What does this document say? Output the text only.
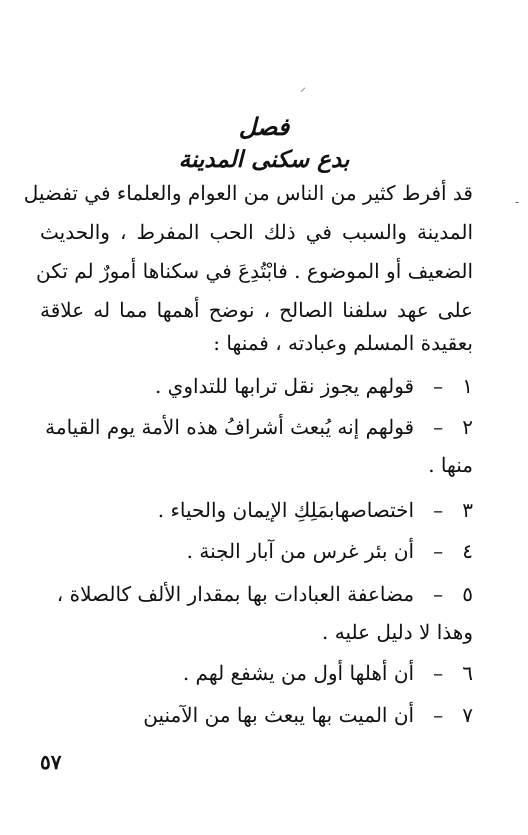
⸝
-
فصل
بدع سكنى المدينة
قد أفرط كثير من الناس من العوام والعلماء في تفضيل
المدينة والسبب في ذلك الحب المفرط ، والحديث
الضعيف أو الموضوع . فابْتُدِعَ في سكناها أمورٌ لم تكن
على عهد سلفنا الصالح ، نوضح أهمها مما له علاقة
بعقيدة المسلم وعبادته ، فمنها :
١   –   قولهم يجوز نقل ترابها للتداوي .
٢   –   قولهم إنه يُبعث أشرافُ هذه الأمة يوم القيامة
منها .
٣   –   اختصاصهابمَلِكِ الإيمان والحياء .
٤   –   أن بئر غرس من آبار الجنة .
٥   –   مضاعفة العبادات بها بمقدار الألف كالصلاة ،
وهذا لا دليل عليه .
٦   –   أن أهلها أول من يشفع لهم .
٧   –   أن الميت بها يبعث بها من الآمنين
٥٧
